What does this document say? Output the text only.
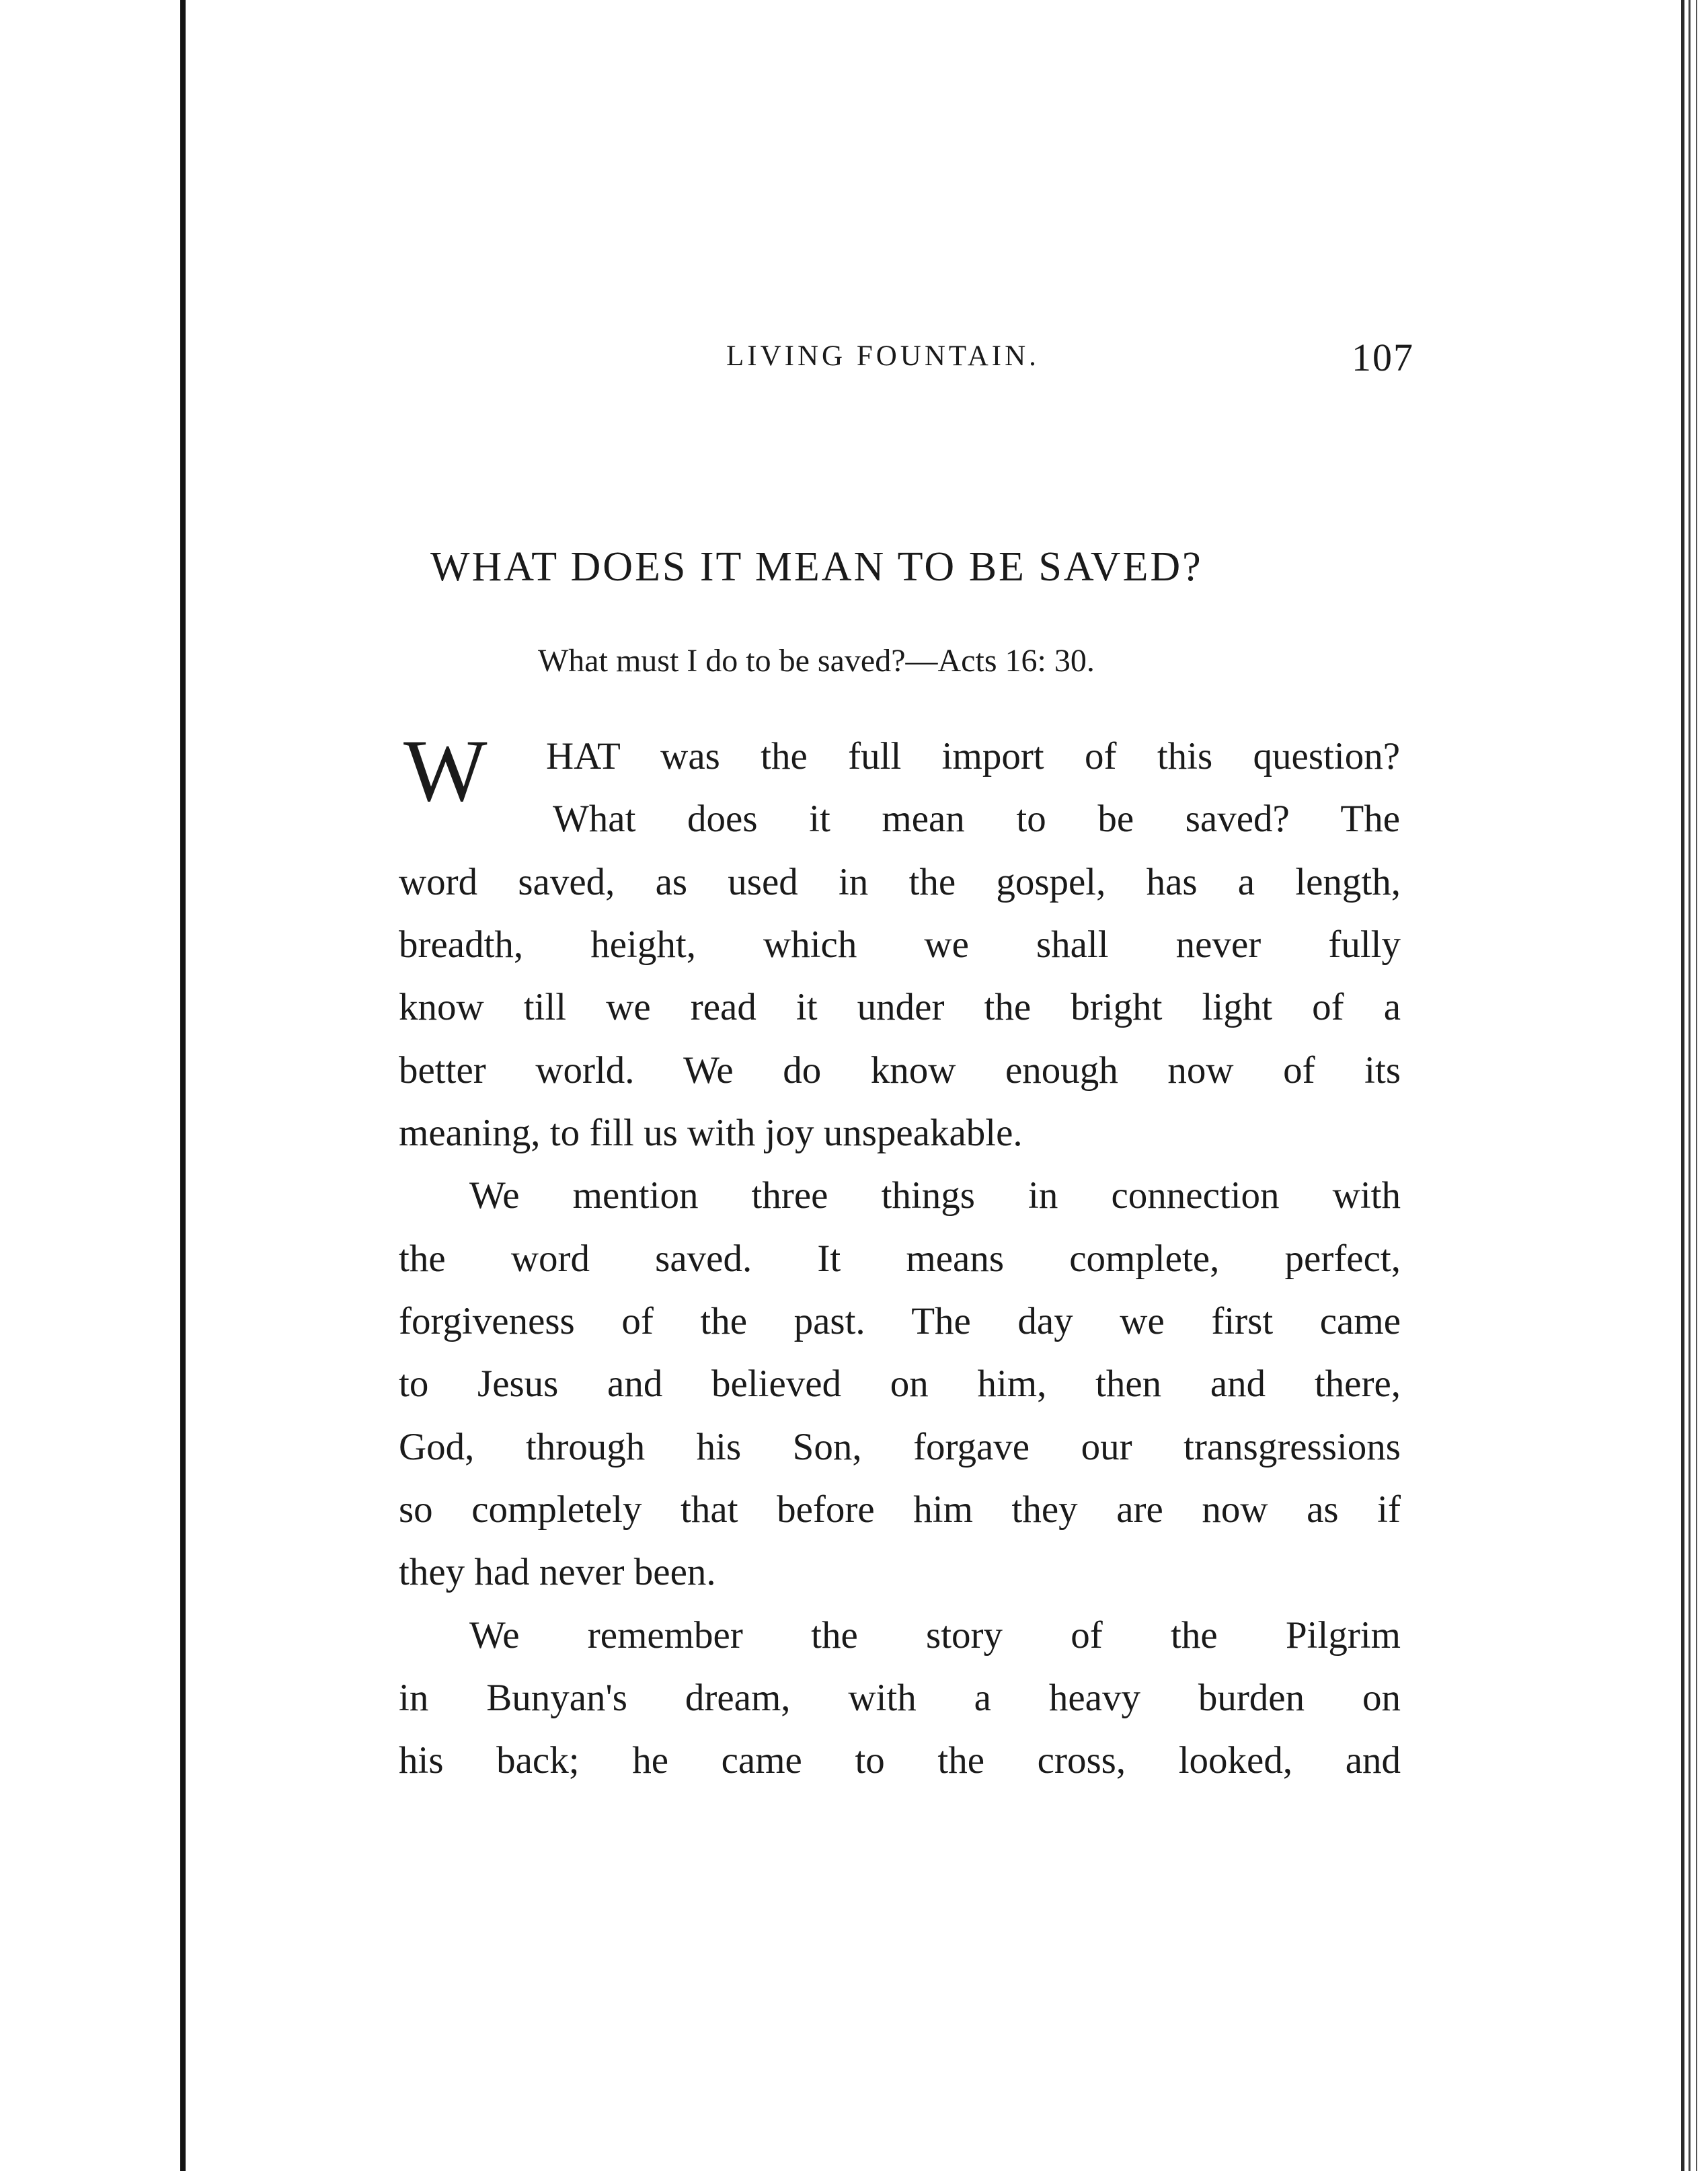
LIVING FOUNTAIN.	107
WHAT DOES IT MEAN TO BE SAVED?
What must I do to be saved?—Acts 16: 30.
W HAT was the full import of this question?
What does it mean to be saved? The
word saved, as used in the gospel, has a length,
breadth, height, which we shall never fully
know till we read it under the bright light of a
better world. We do know enough now of its
meaning, to fill us with joy unspeakable.
We mention three things in connection with
the word saved. It means complete, perfect,
forgiveness of the past. The day we first came
to Jesus and believed on him, then and there,
God, through his Son, forgave our transgressions
so completely that before him they are now as if
they had never been.
We remember the story of the Pilgrim
in Bunyan's dream, with a heavy burden on
his back; he came to the cross, looked, and
